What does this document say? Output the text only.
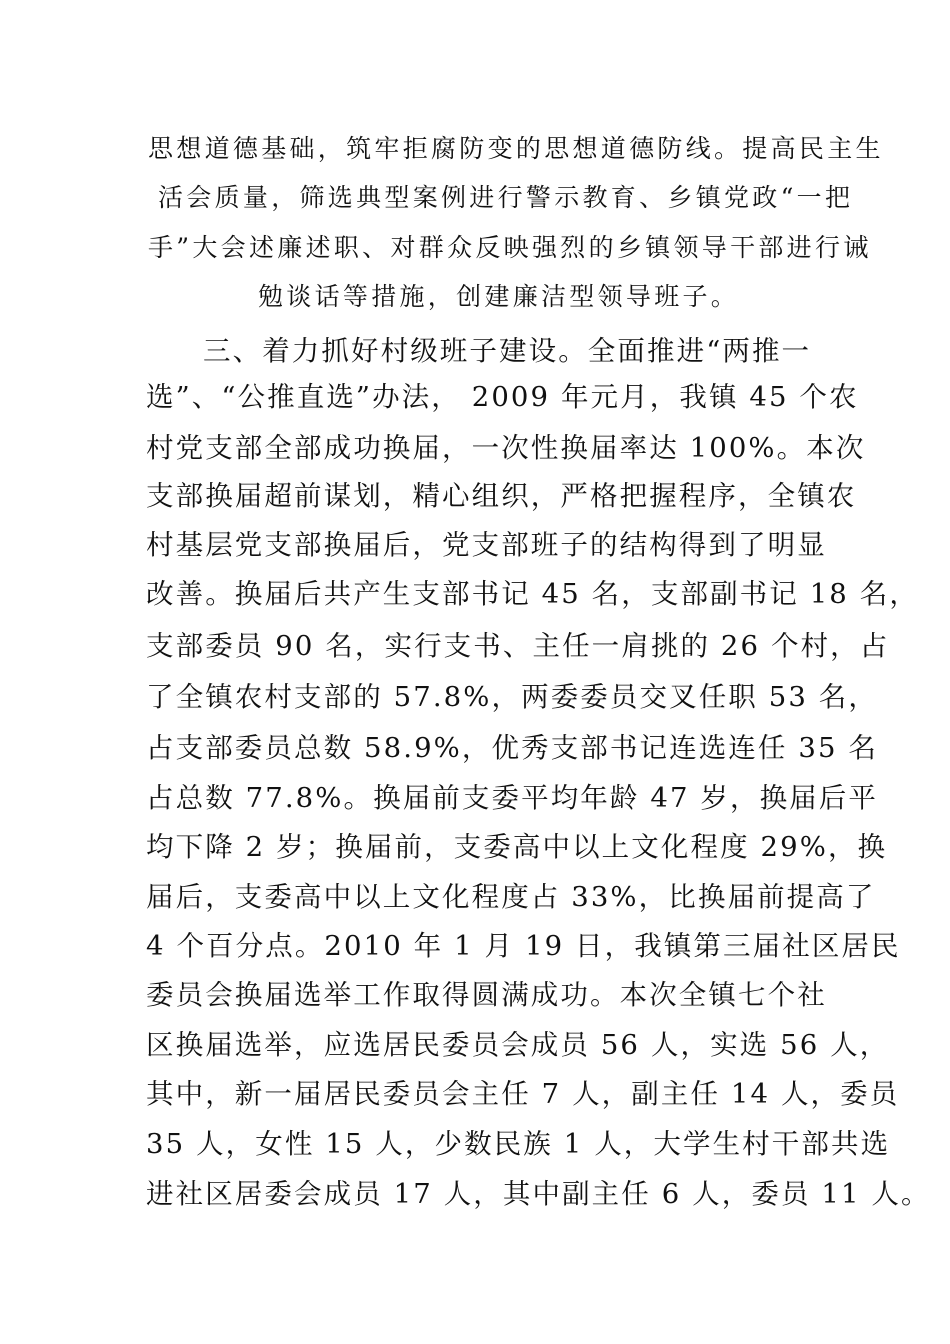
思想道德基础，筑牢拒腐防变的思想道德防线。提高民主生
活会质量，筛选典型案例进行警示教育、乡镇党政“一把
手”大会述廉述职、对群众反映强烈的乡镇领导干部进行诫
勉谈话等措施，创建廉洁型领导班子。
三、着力抓好村级班子建设。全面推进“两推一
选”、“公推直选”办法， 2009 年元月，我镇 45 个农
村党支部全部成功换届，一次性换届率达 100%。本次
支部换届超前谋划，精心组织，严格把握程序，全镇农
村基层党支部换届后，党支部班子的结构得到了明显
改善。换届后共产生支部书记 45 名，支部副书记 18 名，
支部委员 90 名，实行支书、主任一肩挑的 26 个村，占
了全镇农村支部的 57.8%，两委委员交叉任职 53 名，
占支部委员总数 58.9%，优秀支部书记连选连任 35 名
占总数 77.8%。换届前支委平均年龄 47 岁，换届后平
均下降 2 岁；换届前，支委高中以上文化程度 29%，换
届后，支委高中以上文化程度占 33%，比换届前提高了
4 个百分点。2010 年 1 月 19 日，我镇第三届社区居民
委员会换届选举工作取得圆满成功。本次全镇七个社
区换届选举，应选居民委员会成员 56 人，实选 56 人，
其中，新一届居民委员会主任 7 人，副主任 14 人，委员
35 人，女性 15 人，少数民族 1 人，大学生村干部共选
进社区居委会成员 17 人，其中副主任 6 人，委员 11 人。
